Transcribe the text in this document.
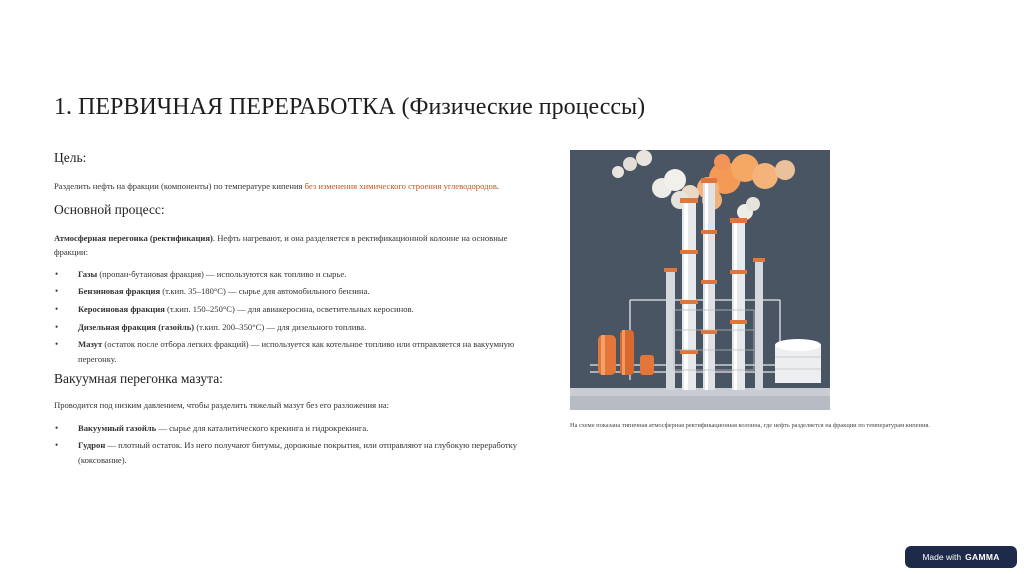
1. ПЕРВИЧНАЯ ПЕРЕРАБОТКА (Физические процессы)
Цель:

Разделить нефть на фракции (компоненты) по температуре кипения без изменения химического строения углеводородов.

Основной процесс:

Атмосферная перегонка (ректификация). Нефть нагревают, и она разделяется в ректификационной колонне на основные фракции:

• Газы (пропан-бутановая фракция) — используются как топливо и сырье.
• Бензиновая фракция (т.кип. 35–180°C) — сырье для автомобильного бензина.
• Керосиновая фракция (т.кип. 150–250°C) — для авиакеросина, осветительных керосинов.
• Дизельная фракция (газойль) (т.кип. 200–350°C) — для дизельного топлива.
• Мазут (остаток после отбора легких фракций) — используется как котельное топливо или отправляется на вакуумную перегонку.
Вакуумная перегонка мазута:

Проводится под низким давлением, чтобы разделить тяжелый мазут без его разложения на:

• Вакуумный газойль — сырье для каталитического крекинга и гидрокрекинга.
• Гудрон — плотный остаток. Из него получают битумы, дорожные покрытия, или отправляют на глубокую переработку (коксование).

На схеме показана типичная атмосферная ректификационная колонна, где нефть разделяется на фракции по температурам кипения.

Made with GAMMA
